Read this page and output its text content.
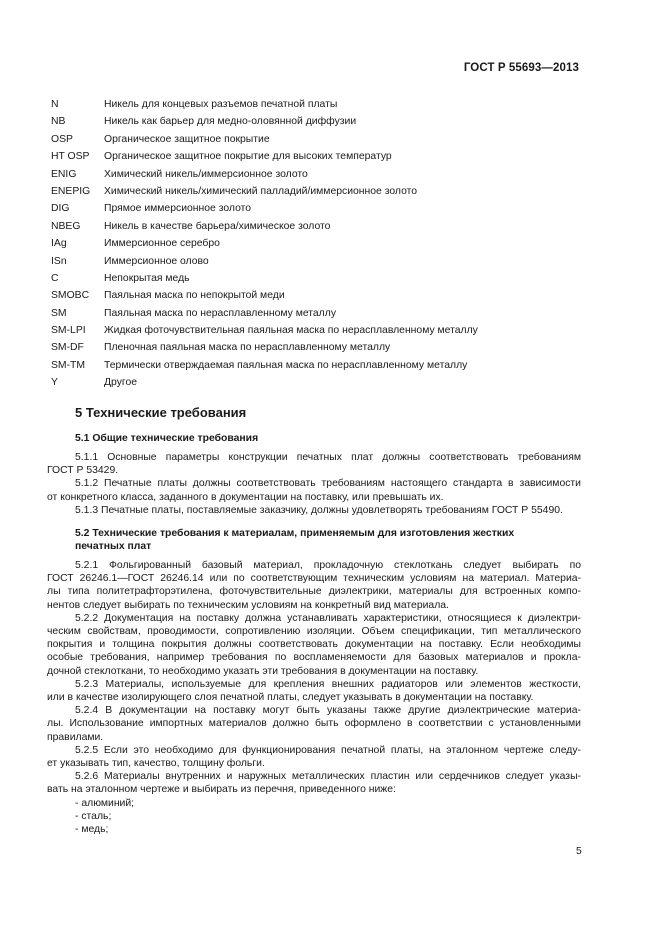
ГОСТ Р 55693—2013
N	Никель для концевых разъемов печатной платы
NB	Никель как барьер для медно-оловянной диффузии
OSP	Органическое защитное покрытие
HT OSP	Органическое защитное покрытие для высоких температур
ENIG	Химический никель/иммерсионное золото
ENEPIG	Химический никель/химический палладий/иммерсионное золото
DIG	Прямое иммерсионное золото
NBEG	Никель в качестве барьера/химическое золото
IAg	Иммерсионное серебро
ISn	Иммерсионное олово
C	Непокрытая медь
SMOBC	Паяльная маска по непокрытой меди
SM	Паяльная маска по нерасплавленному металлу
SM-LPI	Жидкая фоточувствительная паяльная маска по нерасплавленному металлу
SM-DF	Пленочная паяльная маска по нерасплавленному металлу
SM-TM	Термически отверждаемая паяльная маска по нерасплавленному металлу
Y	Другое
5 Технические требования
5.1 Общие технические требования
5.1.1 Основные параметры конструкции печатных плат должны соответствовать требованиям
ГОСТ Р 53429.
5.1.2 Печатные платы должны соответствовать требованиям настоящего стандарта в зависимости
от конкретного класса, заданного в документации на поставку, или превышать их.
5.1.3 Печатные платы, поставляемые заказчику, должны удовлетворять требованиям ГОСТ Р 55490.
5.2 Технические требования к материалам, применяемым для изготовления жестких
печатных плат
5.2.1 Фольгированный базовый материал, прокладочную стеклоткань следует выбирать по
ГОСТ 26246.1—ГОСТ 26246.14 или по соответствующим техническим условиям на материал. Материа-
лы типа политетрафторэтилена, фоточувствительные диэлектрики, материалы для встроенных компо-
нентов следует выбирать по техническим условиям на конкретный вид материала.
5.2.2 Документация на поставку должна устанавливать характеристики, относящиеся к диэлектри-
ческим свойствам, проводимости, сопротивлению изоляции. Объем спецификации, тип металлического
покрытия и толщина покрытия должны соответствовать документации на поставку. Если необходимы
особые требования, например требования по воспламеняемости для базовых материалов и прокла-
дочной стеклоткани, то необходимо указать эти требования в документации на поставку.
5.2.3 Материалы, используемые для крепления внешних радиаторов или элементов жесткости,
или в качестве изолирующего слоя печатной платы, следует указывать в документации на поставку.
5.2.4 В документации на поставку могут быть указаны также другие диэлектрические материа-
лы. Использование импортных материалов должно быть оформлено в соответствии с установленными
правилами.
5.2.5 Если это необходимо для функционирования печатной платы, на эталонном чертеже следу-
ет указывать тип, качество, толщину фольги.
5.2.6 Материалы внутренних и наружных металлических пластин или сердечников следует указы-
вать на эталонном чертеже и выбирать из перечня, приведенного ниже:
- алюминий;
- сталь;
- медь;
5
